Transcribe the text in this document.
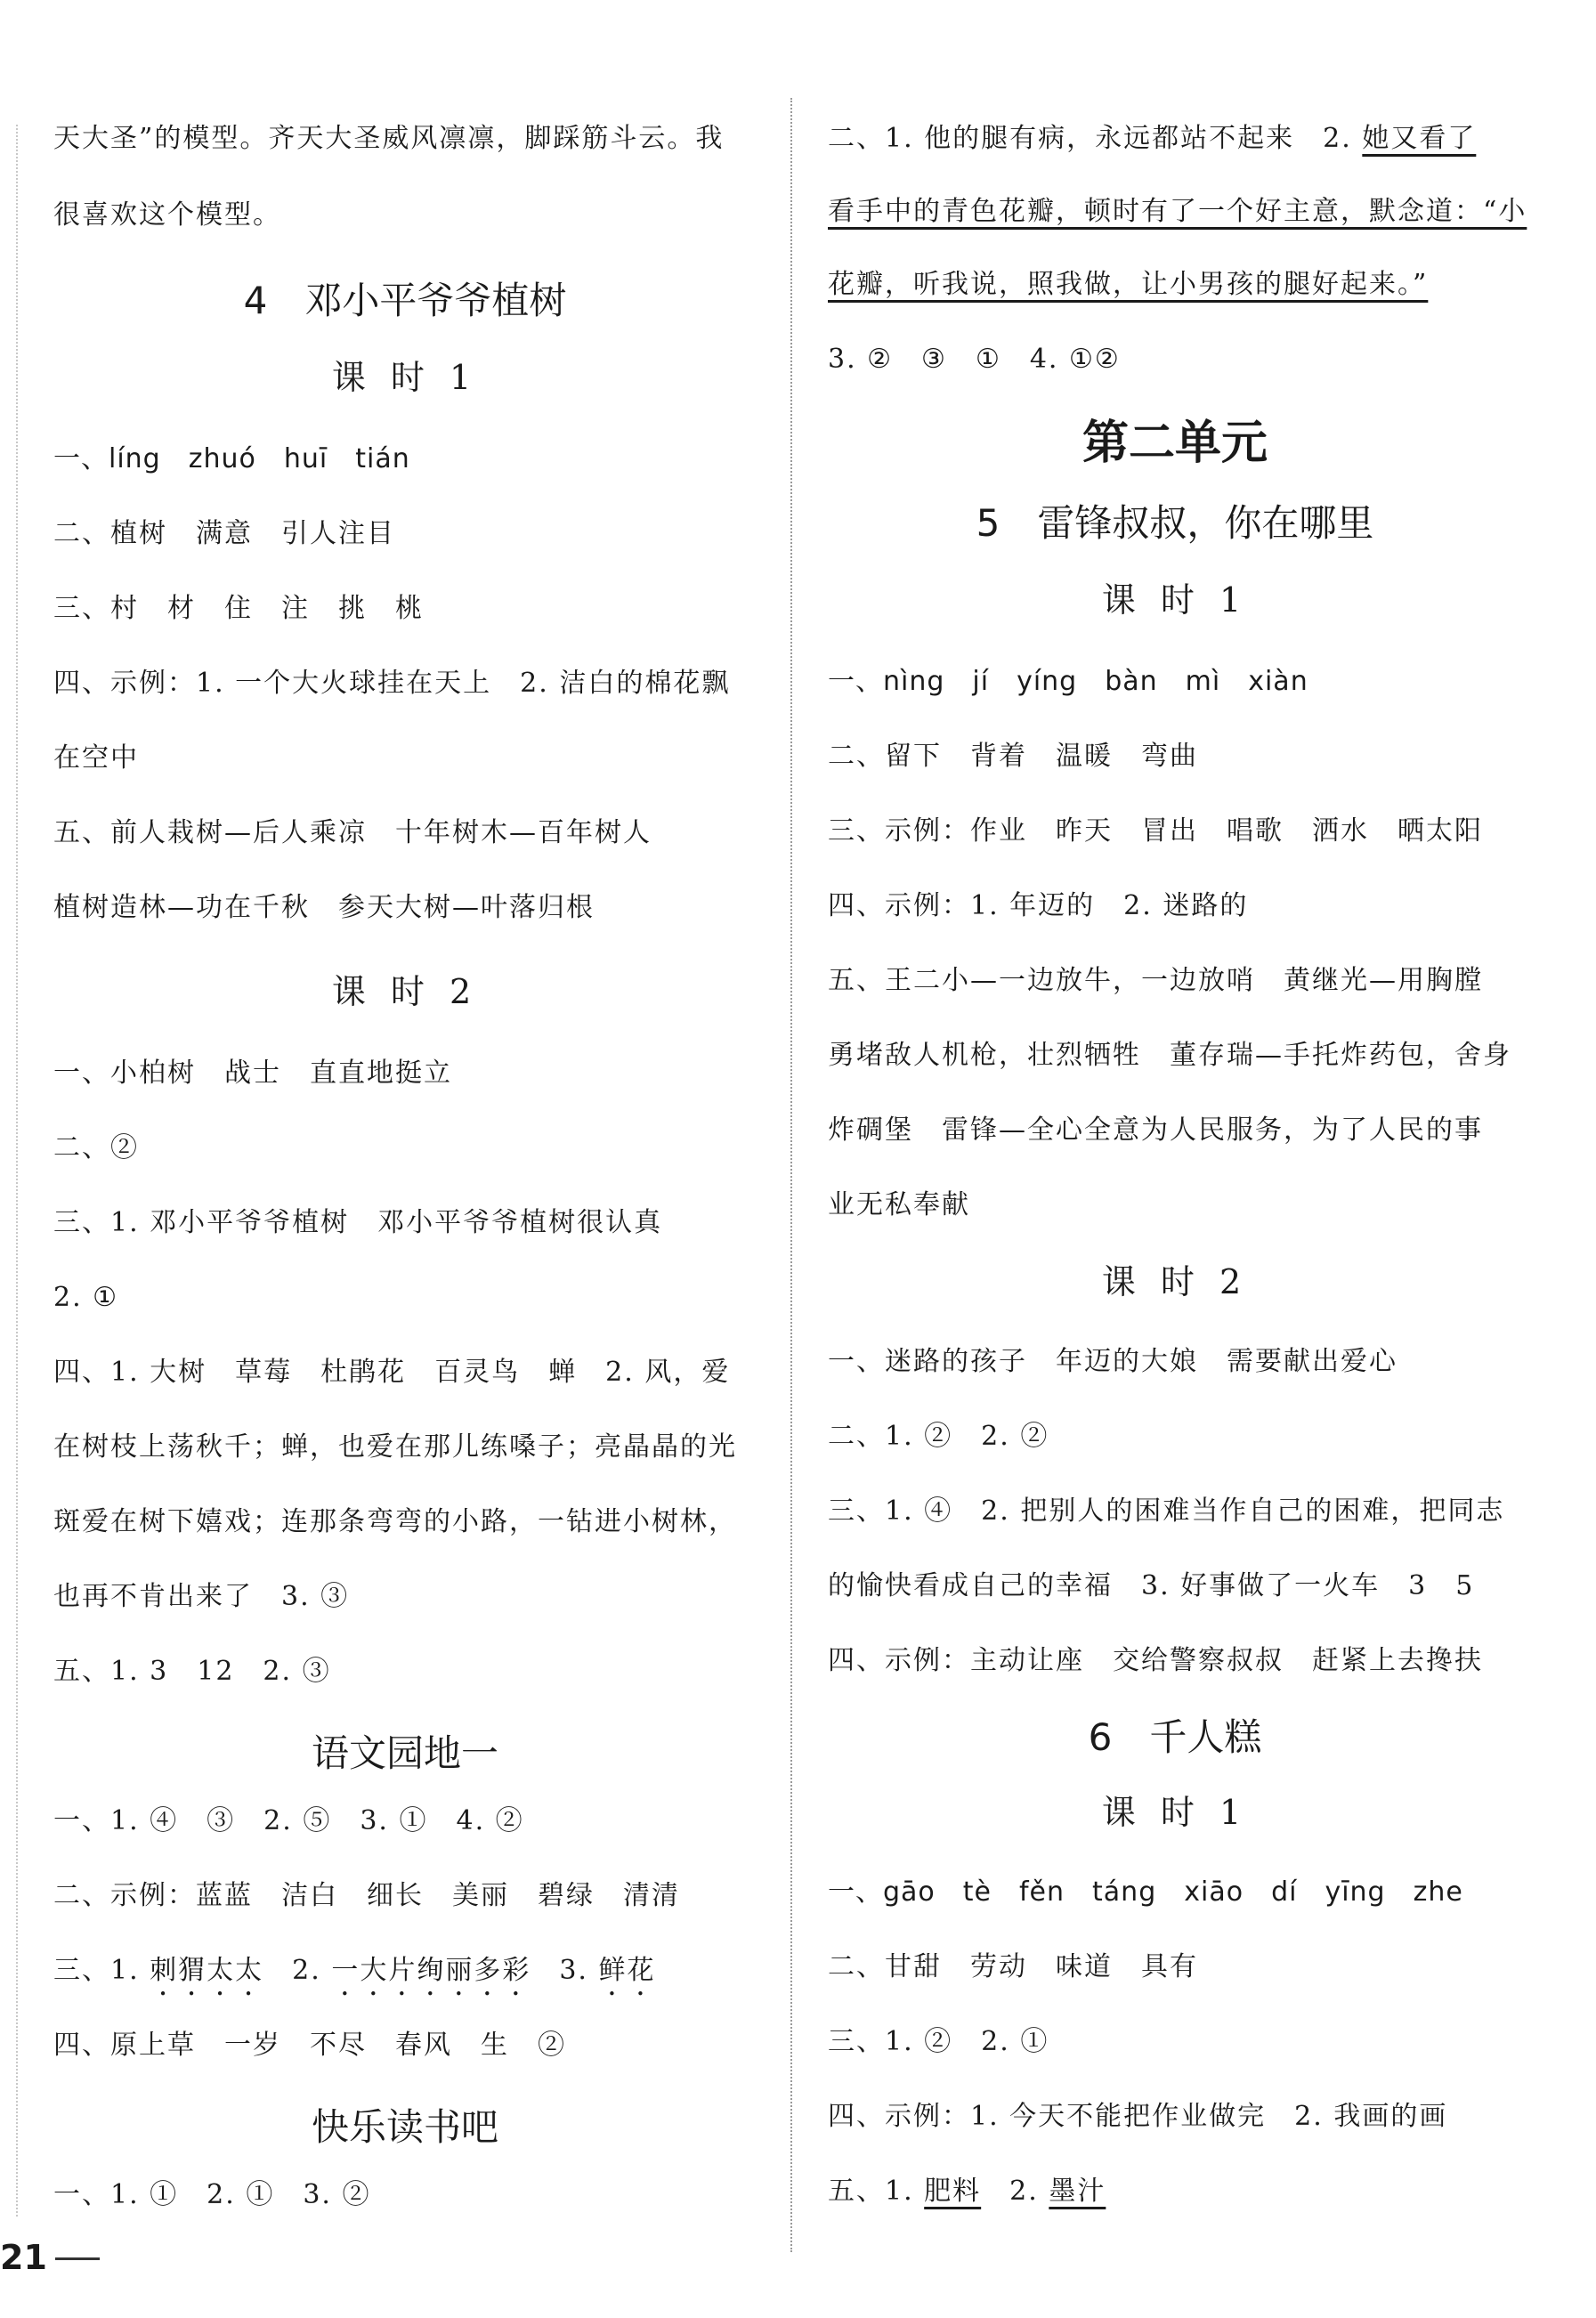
天大圣”的模型。齐天大圣威风凛凛，脚踩筋斗云。我
很喜欢这个模型。
4　邓小平爷爷植树
课 时 1
一、líng　zhuó　huī　tián
二、植树　满意　引人注目
三、村　材　住　注　挑　桃
四、示例：1. 一个大火球挂在天上　2. 洁白的棉花飘
在空中
五、前人栽树—后人乘凉　十年树木—百年树人
植树造林—功在千秋　参天大树—叶落归根
课 时 2
一、小柏树　战士　直直地挺立
二、②
三、1. 邓小平爷爷植树　邓小平爷爷植树很认真
2. ①
四、1. 大树　草莓　杜鹃花　百灵鸟　蝉　2. 风，爱
在树枝上荡秋千；蝉，也爱在那儿练嗓子；亮晶晶的光
斑爱在树下嬉戏；连那条弯弯的小路，一钻进小树林，
也再不肯出来了　3. ③
五、1. 3　12　2. ③
语文园地一
一、1. ④　③　2. ⑤　3. ①　4. ②
二、示例：蓝蓝　洁白　细长　美丽　碧绿　清清
三、1. 刺猬太太　2. 一大片绚丽多彩　3. 鲜花
四、原上草　一岁　不尽　春风　生　②
快乐读书吧
一、1. ①　2. ①　3. ②
21
二、1. 他的腿有病，永远都站不起来　2. 她又看了
看手中的青色花瓣，顿时有了一个好主意，默念道：“小
花瓣，听我说，照我做，让小男孩的腿好起来。”
3. ②　③　①　4. ①②
第二单元
5　雷锋叔叔，你在哪里
课 时 1
一、nìng　jí　yíng　bàn　mì　xiàn
二、留下　背着　温暖　弯曲
三、示例：作业　昨天　冒出　唱歌　洒水　晒太阳
四、示例：1. 年迈的　2. 迷路的
五、王二小—一边放牛，一边放哨　黄继光—用胸膛
勇堵敌人机枪，壮烈牺牲　董存瑞—手托炸药包，舍身
炸碉堡　雷锋—全心全意为人民服务，为了人民的事
业无私奉献
课 时 2
一、迷路的孩子　年迈的大娘　需要献出爱心
二、1. ②　2. ②
三、1. ④　2. 把别人的困难当作自己的困难，把同志
的愉快看成自己的幸福　3. 好事做了一火车　3　5
四、示例：主动让座　交给警察叔叔　赶紧上去搀扶
6　千人糕
课 时 1
一、gāo　tè　fěn　táng　xiāo　dí　yīng　zhe
二、甘甜　劳动　味道　具有
三、1. ②　2. ①
四、示例：1. 今天不能把作业做完　2. 我画的画
五、1. 肥料　2. 墨汁
